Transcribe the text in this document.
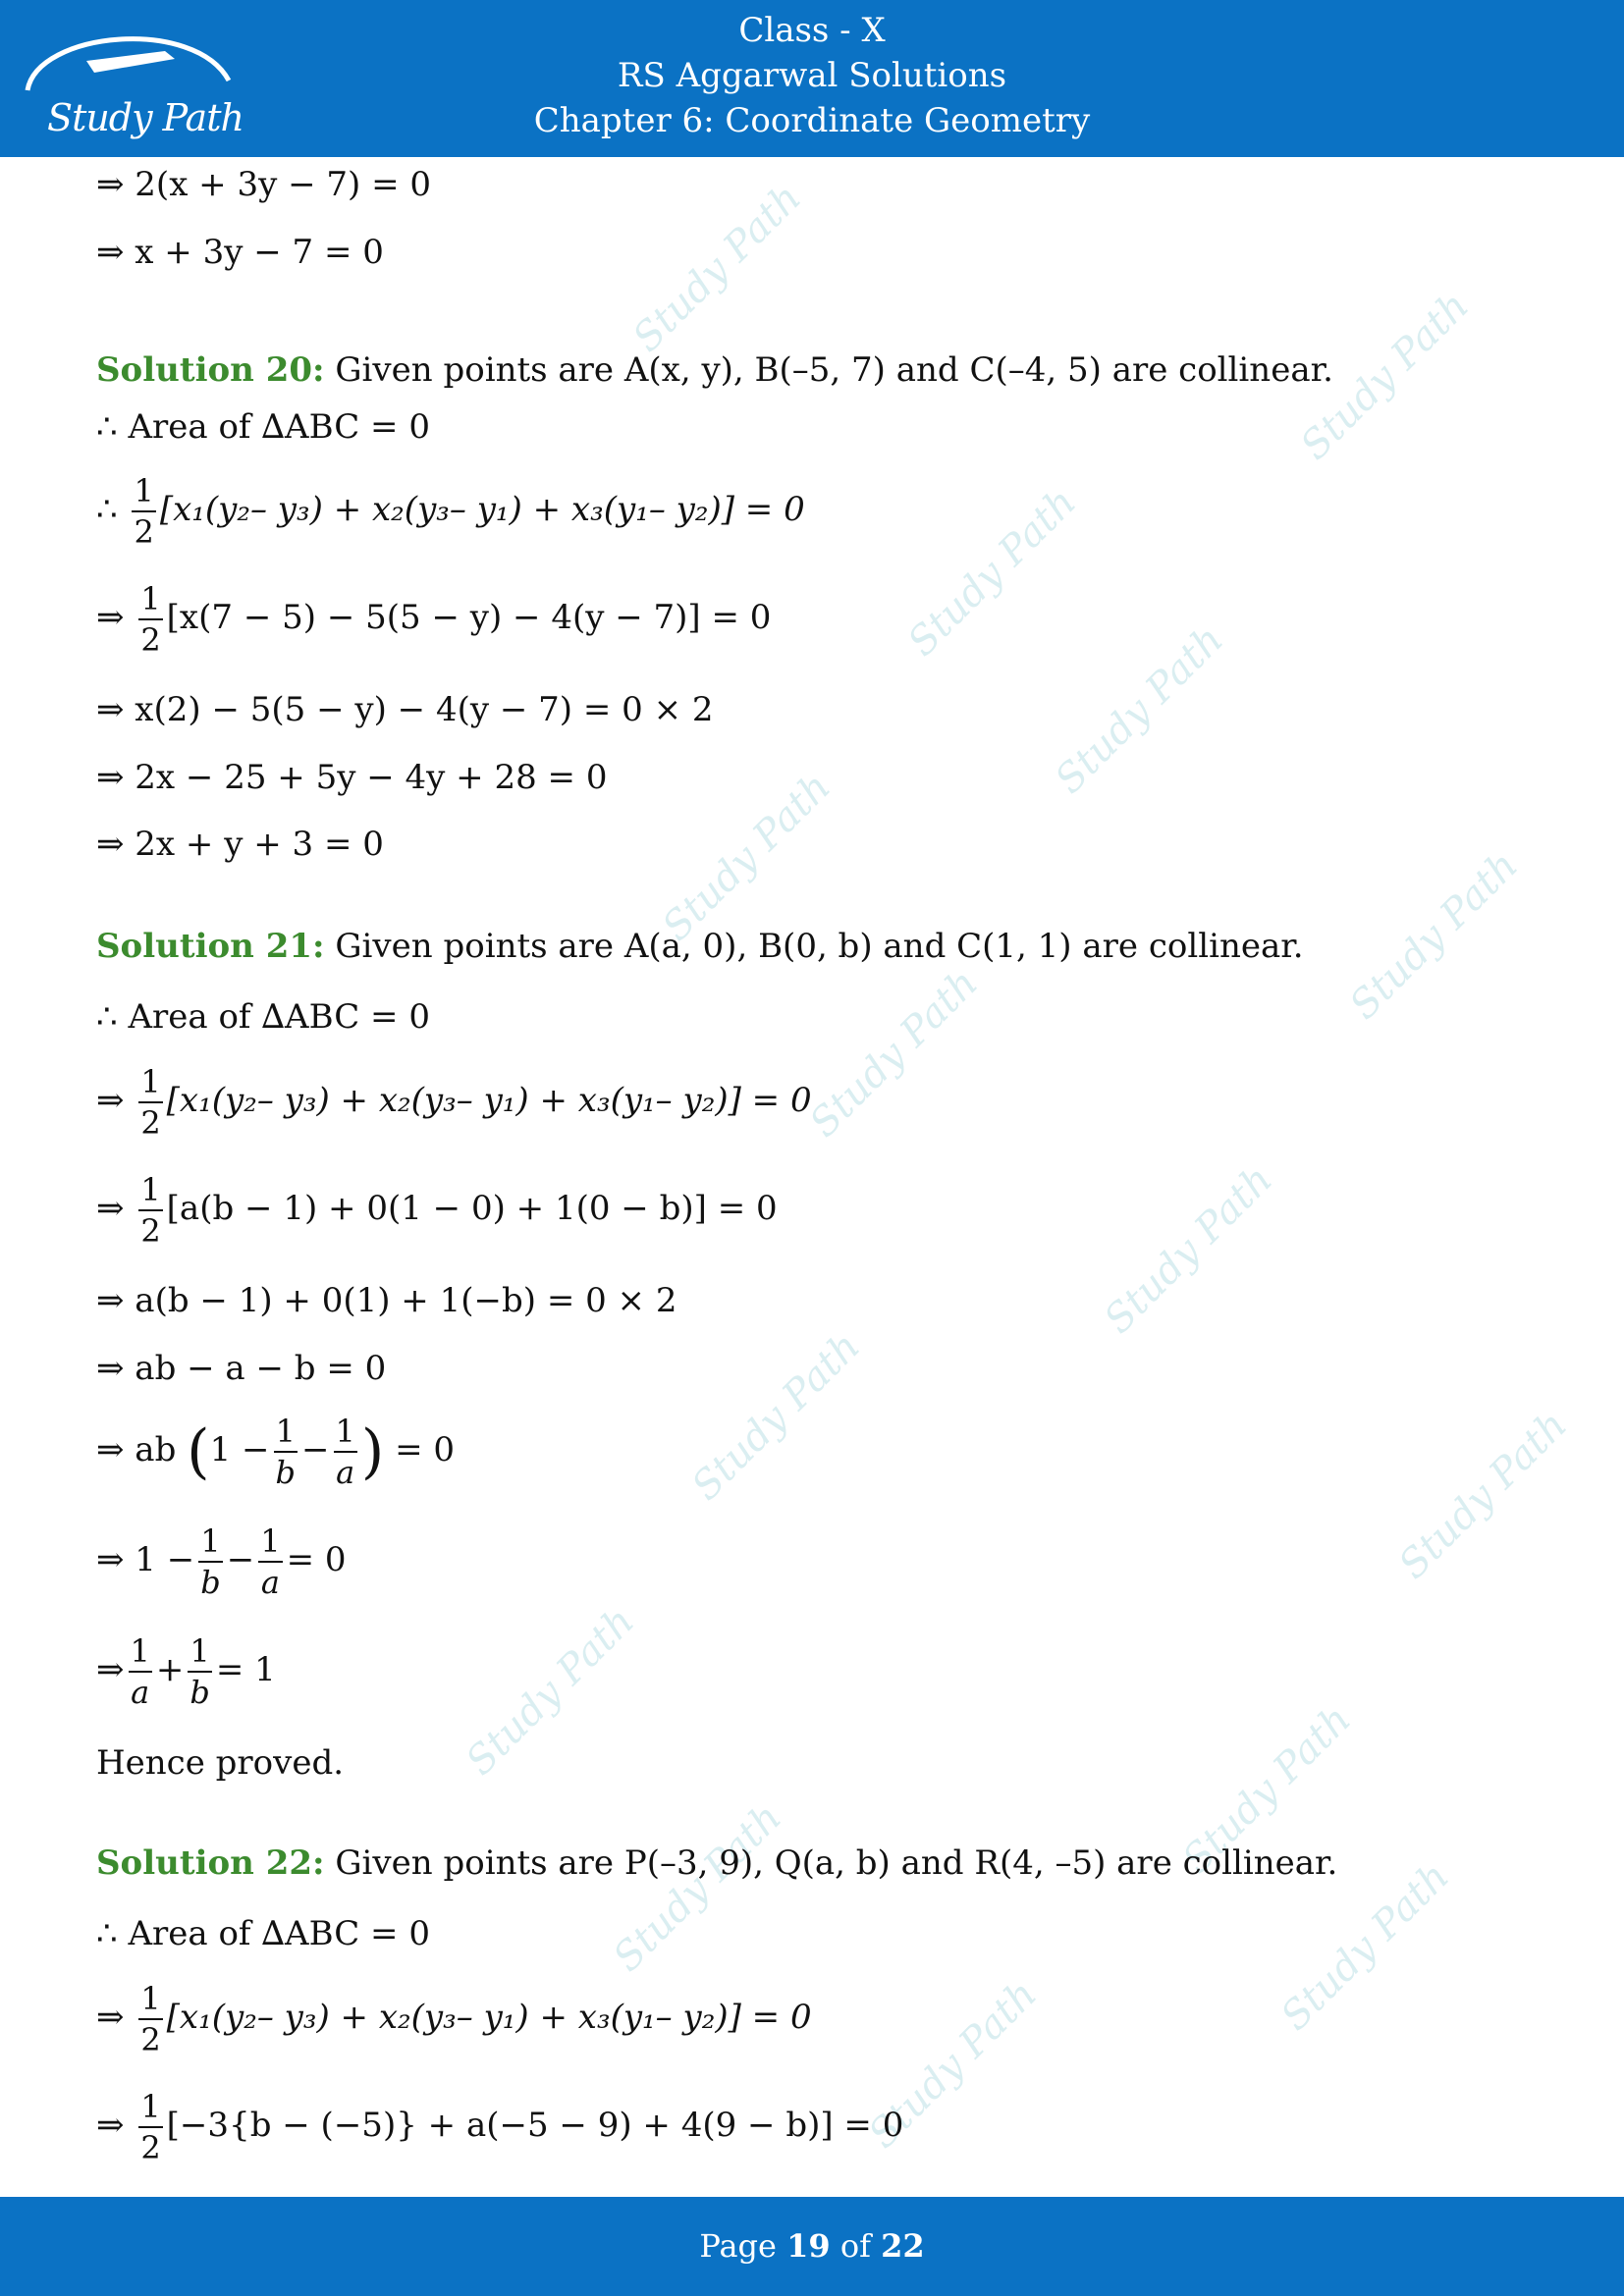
Study Path
Class - X
RS Aggarwal Solutions
Chapter 6: Coordinate Geometry
Study Path
Study Path
Study Path
Study Path
Study Path	Study Path
Study Path
Study Path
Study Path	Study Path
Study Path
Study Path
Study Path	Study Path
Study Path
⇒ 2(x + 3y − 7) = 0
⇒ x + 3y − 7 = 0
Solution 20: Given points are A(x, y), B(–5, 7) and C(–4, 5) are collinear.
∴ Area of ∆ABC = 0
∴ $\frac{1}{2} [x_1(y_2-$ y₃) + x₂(y₃– y₁) + x₃(y₁– y₂)] = 0
⇒ $\frac{1}{2} [x(7 - 5) - 5(5 - y) - 4(y - 7)] = 0$
⇒ x(2) − 5(5 − y) − 4(y − 7) = 0 × 2
⇒ 2x − 25 + 5y − 4y + 28 = 0
⇒ 2x + y + 3 = 0
Solution 21: Given points are A(a, 0), B(0, b) and C(1, 1) are collinear.
∴ Area of ∆ABC = 0
⇒ $\frac{1}{2} [x_1(y_2-$ y₃) + x₂(y₃– y₁) + x₃(y₁– y₂)] = 0
⇒ $\frac{1}{2} [a(b - 1) + 0(1 - 0) + 1(0 - b)] = 0$
⇒ a(b − 1) + 0(1) + 1(−b) = 0 × 2
⇒ ab − a − b = 0
⇒ ab ($1 - \frac{1}{b} - \frac{1}{a}$ ) = 0
⇒ $1 - \frac{1}{b} - \frac{1}{a} = 0$
⇒ $\frac{1}{a} + \frac{1}{b} = 1$
Hence proved.
Solution 22: Given points are P(–3, 9), Q(a, b) and R(4, –5) are collinear.
∴ Area of ∆ABC = 0
⇒ $\frac{1}{2} [x_1(y_2-$ y₃) + x₂(y₃– y₁) + x₃(y₁– y₂)] = 0
⇒ $\frac{1}{2} [-3\{b - (-5)\} + a(-5 - 9) + 4(9 - b)] = 0$
Page 19 of 22
